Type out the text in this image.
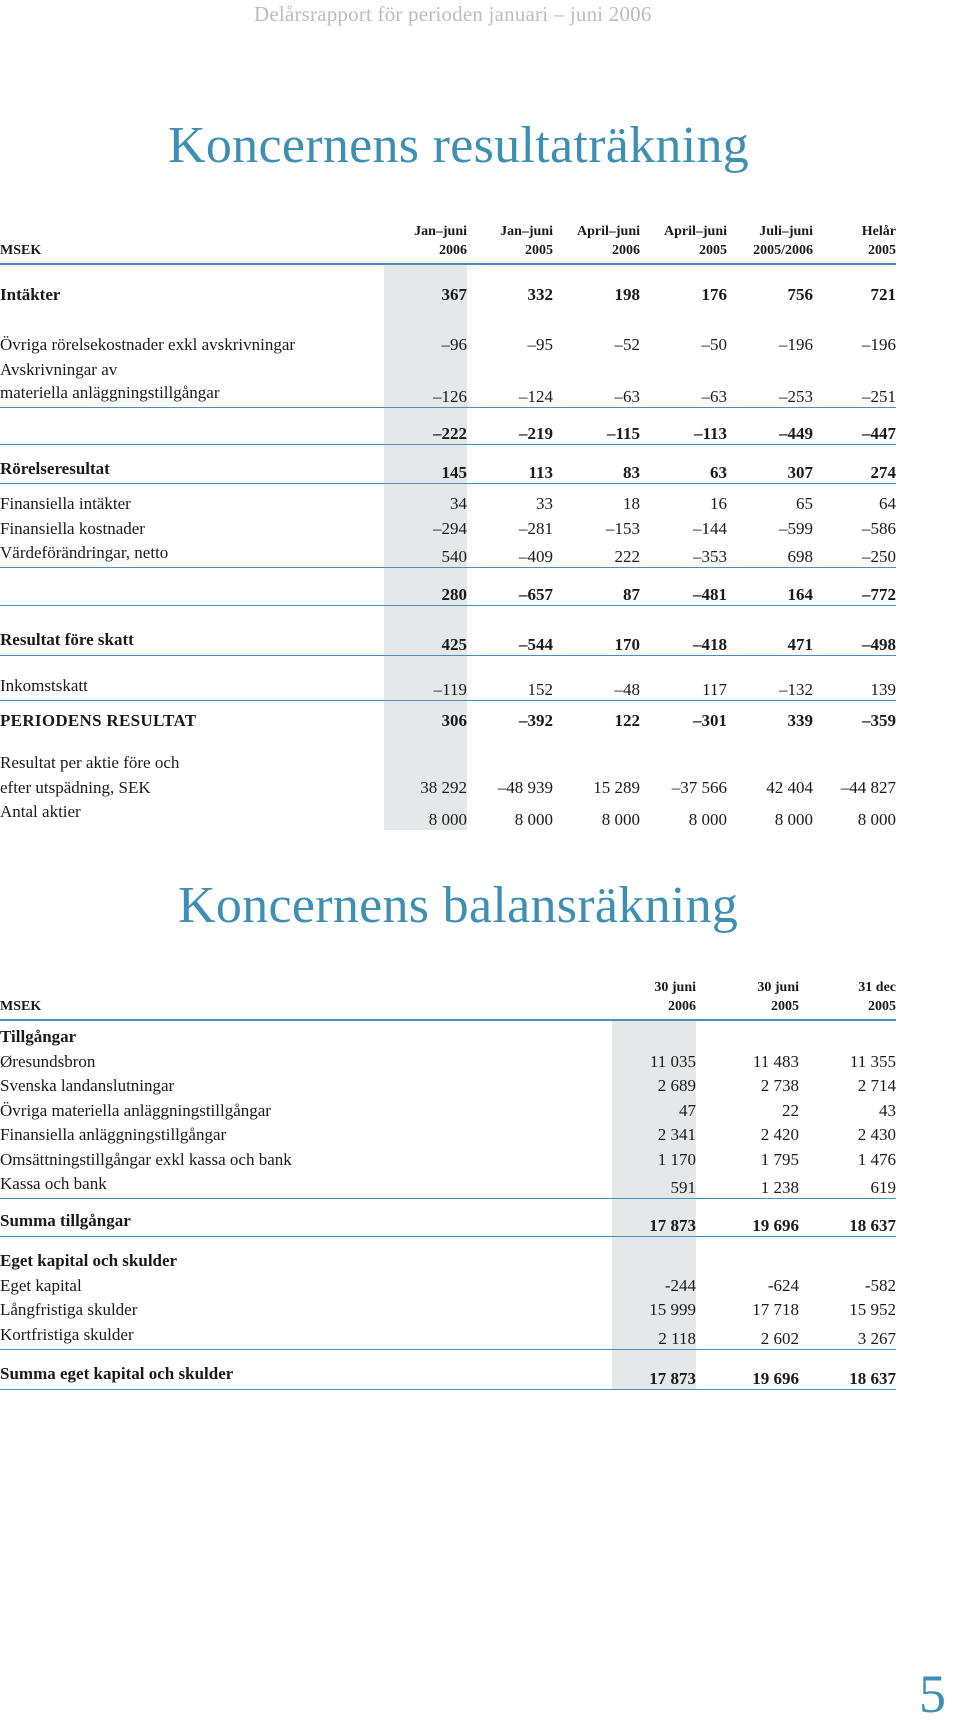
Delårsrapport för perioden januari – juni 2006
Koncernens resultaträkning
	Jan–juni	Jan–juni	April–juni	April–juni	Juli–juni	Helår
MSEK	2006	2005	2006	2005	2005/2006	2005
Intäkter	367	332	198	176	756	721

Övriga rörelsekostnader exkl avskrivningar	–96	–95	–52	–50	–196	–196
Avskrivningar av						
materiella anläggningstillgångar	–126	–124	–63	–63	–253	–251
	–222	–219	–115	–113	–449	–447
Rörelseresultat	145	113	83	63	307	274
Finansiella intäkter	34	33	18	16	65	64
Finansiella kostnader	–294	–281	–153	–144	–599	–586
Värdeförändringar, netto	540	–409	222	–353	698	–250
	280	–657	87	–481	164	–772
Resultat före skatt	425	–544	170	–418	471	–498
Inkomstskatt	–119	152	–48	117	–132	139
PERIODENS RESULTAT	306	–392	122	–301	339	–359
Resultat per aktie före och						
efter utspädning, SEK	38 292	–48 939	15 289	–37 566	42 404	–44 827
Antal aktier	8 000	8 000	8 000	8 000	8 000	8 000
Koncernens balansräkning
	30 juni	30 juni	31 dec
MSEK	2006	2005	2005
Tillgångar			
Øresundsbron	11 035	11 483	11 355
Svenska landanslutningar	2 689	2 738	2 714
Övriga materiella anläggningstillgångar	47	22	43
Finansiella anläggningstillgångar	2 341	2 420	2 430
Omsättningstillgångar exkl kassa och bank	1 170	1 795	1 476
Kassa och bank	591	1 238	619
Summa tillgångar	17 873	19 696	18 637
Eget kapital och skulder			
Eget kapital	-244	-624	-582
Långfristiga skulder	15 999	17 718	15 952
Kortfristiga skulder	2 118	2 602	3 267
Summa eget kapital och skulder	17 873	19 696	18 637
5
